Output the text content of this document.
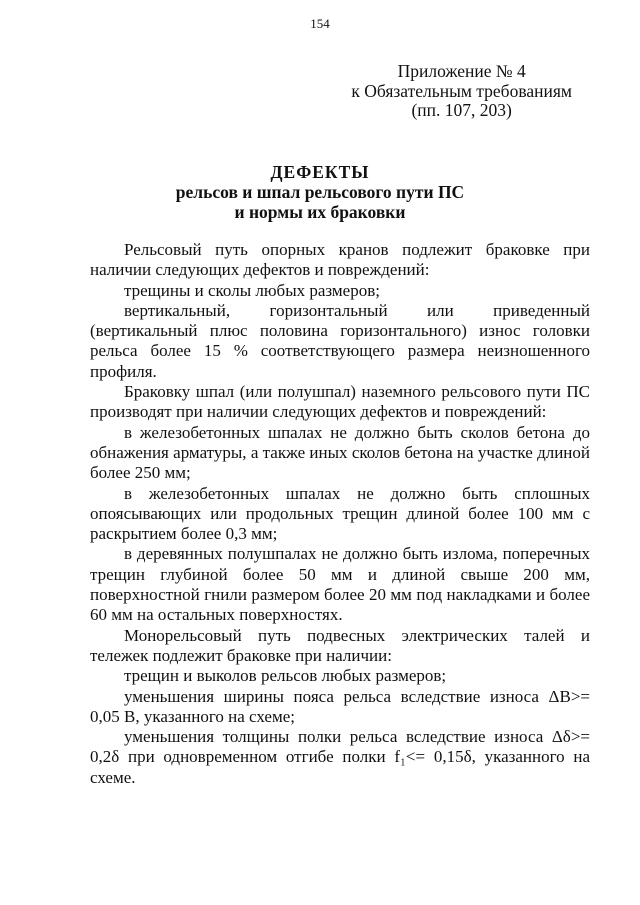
154
Приложение № 4
к Обязательным требованиям
(пп. 107, 203)
ДЕФЕКТЫ
рельсов и шпал рельсового пути ПС
и нормы их браковки

Рельсовый путь опорных кранов подлежит браковке при наличии следующих дефектов и повреждений:

трещины и сколы любых размеров;

вертикальный, горизонтальный или приведенный (вертикальный плюс половина горизонтального) износ головки рельса более 15 % соответствующего размера неизношенного профиля.

Браковку шпал (или полушпал) наземного рельсового пути ПС производят при наличии следующих дефектов и повреждений:

в железобетонных шпалах не должно быть сколов бетона до обнажения арматуры, а также иных сколов бетона на участке длиной более 250 мм;

в железобетонных шпалах не должно быть сплошных опоясывающих или продольных трещин длиной более 100 мм с раскрытием более 0,3 мм;

в деревянных полушпалах не должно быть излома, поперечных трещин глубиной более 50 мм и длиной свыше 200 мм, поверхностной гнили размером более 20 мм под накладками и более 60 мм на остальных поверхностях.

Монорельсовый путь подвесных электрических талей и тележек подлежит браковке при наличии:

трещин и выколов рельсов любых размеров;

уменьшения ширины пояса рельса вследствие износа ΔB>= 0,05 B, указанного на схеме;

уменьшения толщины полки рельса вследствие износа Δδ>= 0,2δ при одновременном отгибе полки f₁<= 0,15δ, указанного на схеме.
